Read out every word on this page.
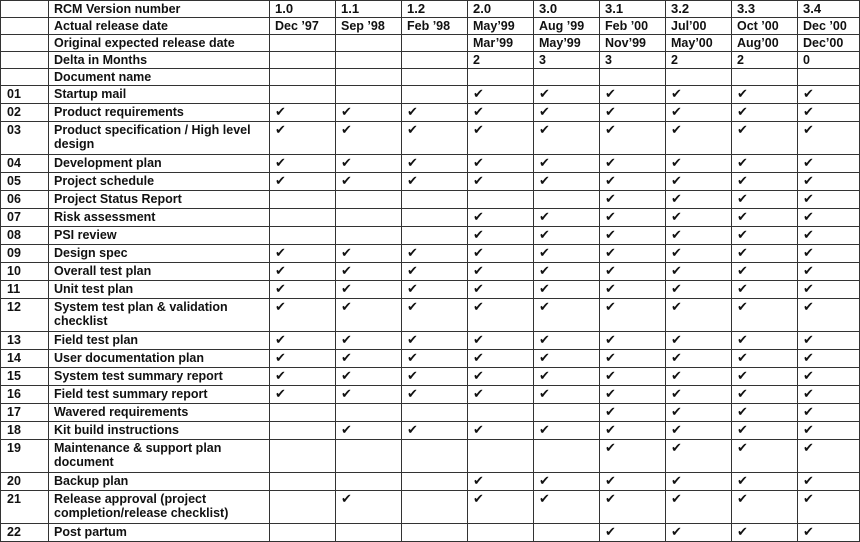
	RCM Version number	1.0	1.1	1.2	2.0	3.0	3.1	3.2	3.3	3.4
	Actual release date	Dec ’97	Sep ’98	Feb ’98	May’99	Aug ’99	Feb ’00	Jul’00	Oct ’00	Dec ’00
	Original expected release date				Mar’99	May’99	Nov’99	May’00	Aug’00	Dec’00
	Delta in Months				2	3	3	2	2	0
	Document name									
01	Startup mail				✔	✔	✔	✔	✔	✔
02	Product requirements	✔	✔	✔	✔	✔	✔	✔	✔	✔
03	Product specification / High level design	✔	✔	✔	✔	✔	✔	✔	✔	✔
04	Development plan	✔	✔	✔	✔	✔	✔	✔	✔	✔
05	Project schedule	✔	✔	✔	✔	✔	✔	✔	✔	✔
06	Project Status Report						✔	✔	✔	✔
07	Risk assessment				✔	✔	✔	✔	✔	✔
08	PSI review				✔	✔	✔	✔	✔	✔
09	Design spec	✔	✔	✔	✔	✔	✔	✔	✔	✔
10	Overall test plan	✔	✔	✔	✔	✔	✔	✔	✔	✔
11	Unit test plan	✔	✔	✔	✔	✔	✔	✔	✔	✔
12	System test plan & validation checklist	✔	✔	✔	✔	✔	✔	✔	✔	✔
13	Field test plan	✔	✔	✔	✔	✔	✔	✔	✔	✔
14	User documentation plan	✔	✔	✔	✔	✔	✔	✔	✔	✔
15	System test summary report	✔	✔	✔	✔	✔	✔	✔	✔	✔
16	Field test summary report	✔	✔	✔	✔	✔	✔	✔	✔	✔
17	Wavered requirements						✔	✔	✔	✔
18	Kit build instructions		✔	✔	✔	✔	✔	✔	✔	✔
19	Maintenance & support plan document						✔	✔	✔	✔
20	Backup plan				✔	✔	✔	✔	✔	✔
21	Release approval (project completion/release checklist)		✔		✔	✔	✔	✔	✔	✔
22	Post partum						✔	✔	✔	✔
